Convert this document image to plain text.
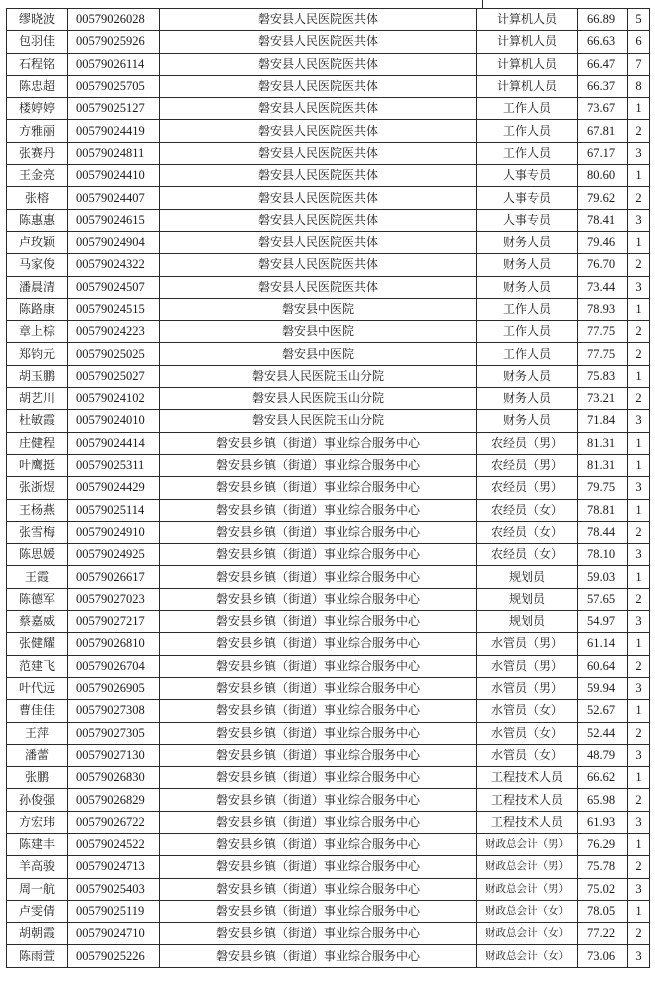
缪晓波	00579026028	磐安县人民医院医共体	计算机人员	66.89	5
包羽佳	00579025926	磐安县人民医院医共体	计算机人员	66.63	6
石程铭	00579026114	磐安县人民医院医共体	计算机人员	66.47	7
陈忠超	00579025705	磐安县人民医院医共体	计算机人员	66.37	8
楼婷婷	00579025127	磐安县人民医院医共体	工作人员	73.67	1
方雅丽	00579024419	磐安县人民医院医共体	工作人员	67.81	2
张赛丹	00579024811	磐安县人民医院医共体	工作人员	67.17	3
王金亮	00579024410	磐安县人民医院医共体	人事专员	80.60	1
张榕	00579024407	磐安县人民医院医共体	人事专员	79.62	2
陈惠惠	00579024615	磐安县人民医院医共体	人事专员	78.41	3
卢玫颖	00579024904	磐安县人民医院医共体	财务人员	79.46	1
马家俊	00579024322	磐安县人民医院医共体	财务人员	76.70	2
潘晨清	00579024507	磐安县人民医院医共体	财务人员	73.44	3
陈路康	00579024515	磐安县中医院	工作人员	78.93	1
章上棕	00579024223	磐安县中医院	工作人员	77.75	2
郑钧元	00579025025	磐安县中医院	工作人员	77.75	2
胡玉鹏	00579025027	磐安县人民医院玉山分院	财务人员	75.83	1
胡艺川	00579024102	磐安县人民医院玉山分院	财务人员	73.21	2
杜敏霞	00579024010	磐安县人民医院玉山分院	财务人员	71.84	3
庄健程	00579024414	磐安县乡镇（街道）事业综合服务中心	农经员（男）	81.31	1
叶鹰挺	00579025311	磐安县乡镇（街道）事业综合服务中心	农经员（男）	81.31	1
张浙煜	00579024429	磐安县乡镇（街道）事业综合服务中心	农经员（男）	79.75	3
王杨燕	00579025114	磐安县乡镇（街道）事业综合服务中心	农经员（女）	78.81	1
张雪梅	00579024910	磐安县乡镇（街道）事业综合服务中心	农经员（女）	78.44	2
陈思媛	00579024925	磐安县乡镇（街道）事业综合服务中心	农经员（女）	78.10	3
王霞	00579026617	磐安县乡镇（街道）事业综合服务中心	规划员	59.03	1
陈德军	00579027023	磐安县乡镇（街道）事业综合服务中心	规划员	57.65	2
蔡嘉威	00579027217	磐安县乡镇（街道）事业综合服务中心	规划员	54.97	3
张健耀	00579026810	磐安县乡镇（街道）事业综合服务中心	水管员（男）	61.14	1
范建飞	00579026704	磐安县乡镇（街道）事业综合服务中心	水管员（男）	60.64	2
叶代远	00579026905	磐安县乡镇（街道）事业综合服务中心	水管员（男）	59.94	3
曹佳佳	00579027308	磐安县乡镇（街道）事业综合服务中心	水管员（女）	52.67	1
王萍	00579027305	磐安县乡镇（街道）事业综合服务中心	水管员（女）	52.44	2
潘蕾	00579027130	磐安县乡镇（街道）事业综合服务中心	水管员（女）	48.79	3
张鹏	00579026830	磐安县乡镇（街道）事业综合服务中心	工程技术人员	66.62	1
孙俊强	00579026829	磐安县乡镇（街道）事业综合服务中心	工程技术人员	65.98	2
方宏玮	00579026722	磐安县乡镇（街道）事业综合服务中心	工程技术人员	61.93	3
陈建丰	00579024522	磐安县乡镇（街道）事业综合服务中心	财政总会计（男）	76.29	1
羊高骏	00579024713	磐安县乡镇（街道）事业综合服务中心	财政总会计（男）	75.78	2
周一航	00579025403	磐安县乡镇（街道）事业综合服务中心	财政总会计（男）	75.02	3
卢雯倩	00579025119	磐安县乡镇（街道）事业综合服务中心	财政总会计（女）	78.05	1
胡朝霞	00579024710	磐安县乡镇（街道）事业综合服务中心	财政总会计（女）	77.22	2
陈雨萱	00579025226	磐安县乡镇（街道）事业综合服务中心	财政总会计（女）	73.06	3
